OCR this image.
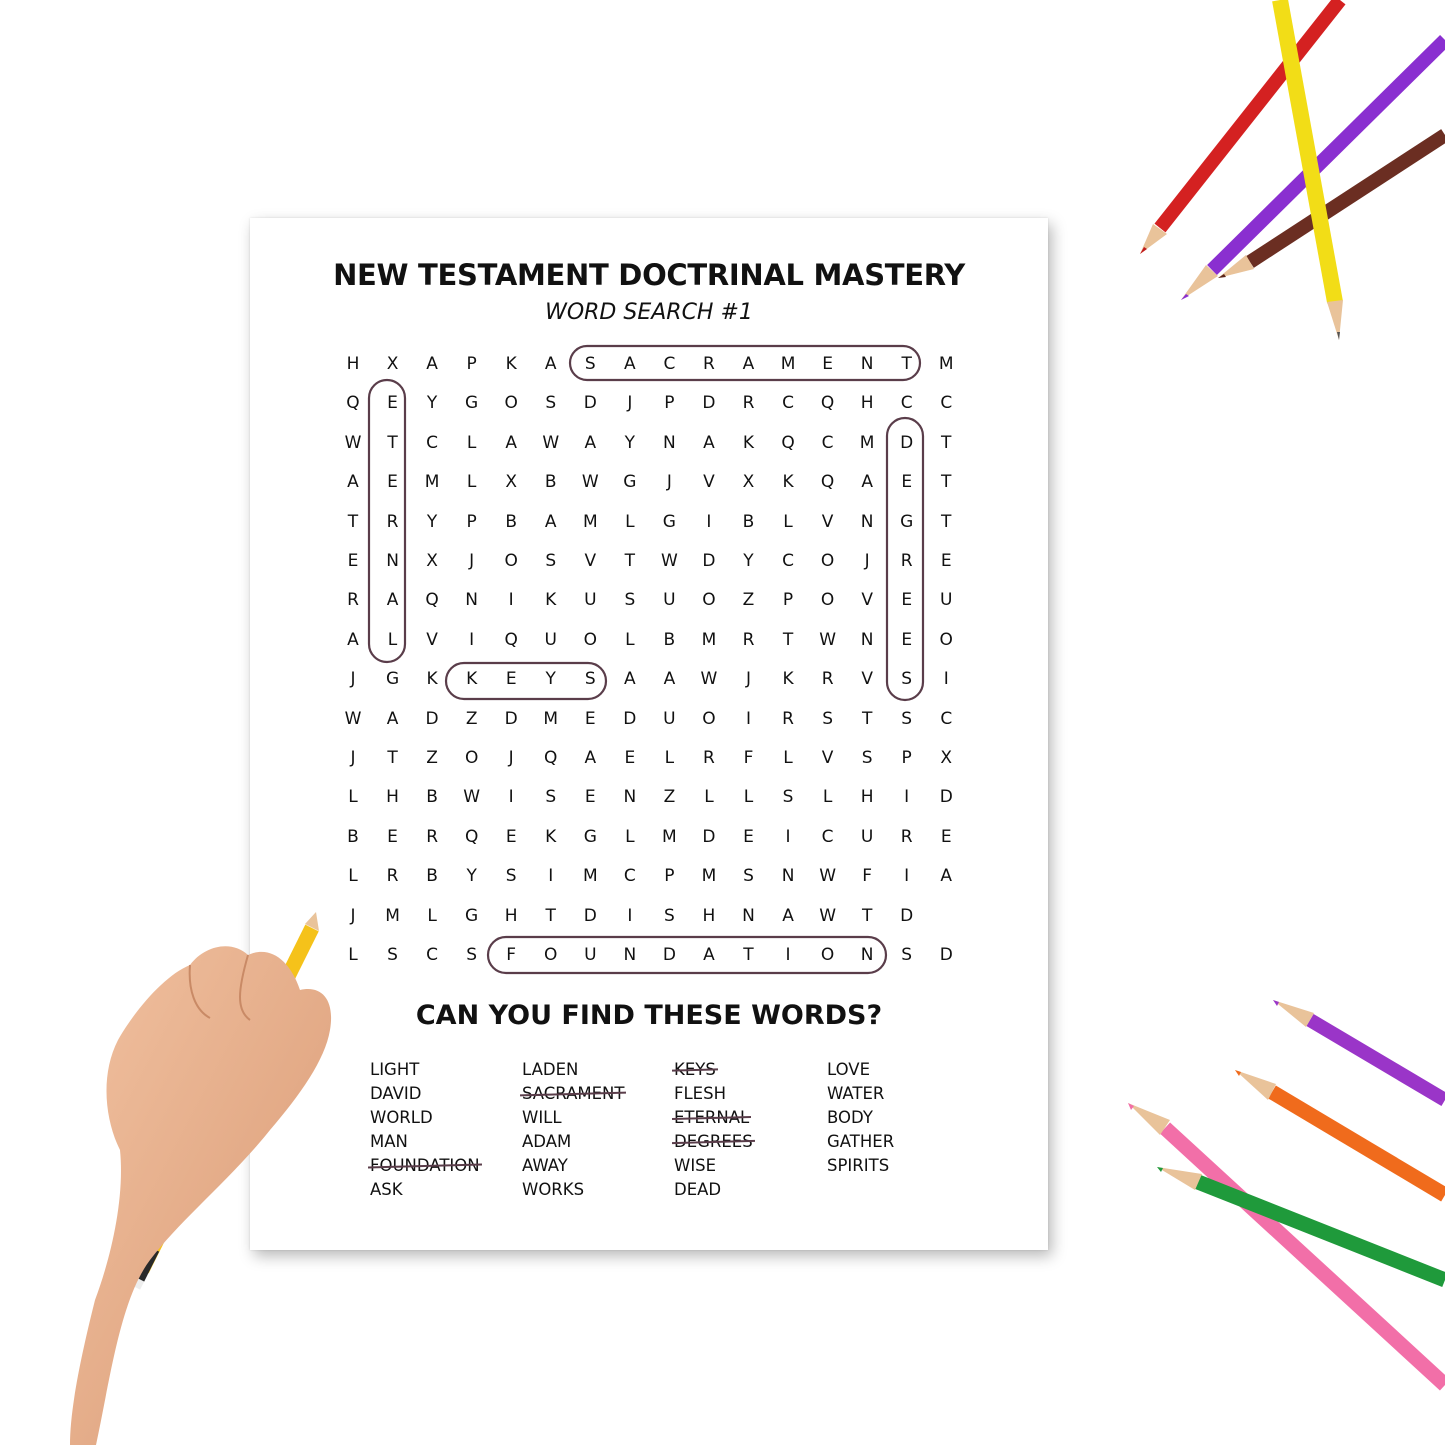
NEW TESTAMENT DOCTRINAL MASTERY
WORD SEARCH #1
H	X	A	P	K	A	S	A	C	R	A	M	E	N	T	M
Q	E	Y	G	O	S	D	J	P	D	R	C	Q	H	C	C
W	T	C	L	A	W	A	Y	N	A	K	Q	C	M	D	T
A	E	M	L	X	B	W	G	J	V	X	K	Q	A	E	T
T	R	Y	P	B	A	M	L	G	I	B	L	V	N	G	T
E	N	X	J	O	S	V	T	W	D	Y	C	O	J	R	E
R	A	Q	N	I	K	U	S	U	O	Z	P	O	V	E	U
A	L	V	I	Q	U	O	L	B	M	R	T	W	N	E	O
J	G	K	K	E	Y	S	A	A	W	J	K	R	V	S	I
W	A	D	Z	D	M	E	D	U	O	I	R	S	T	S	C
J	T	Z	O	J	Q	A	E	L	R	F	L	V	S	P	X
L	H	B	W	I	S	E	N	Z	L	L	S	L	H	I	D
B	E	R	Q	E	K	G	L	M	D	E	I	C	U	R	E
L	R	B	Y	S	I	M	C	P	M	S	N	W	F	I	A
J	M	L	G	H	T	D	I	S	H	N	A	W	T	D
L	S	C	S	F	O	U	N	D	A	T	I	O	N	S	D
CAN YOU FIND THESE WORDS?
LIGHT
DAVID
WORLD
MAN
FOUNDATION
ASK
LADEN
SACRAMENT
WILL
ADAM
AWAY
WORKS
KEYS
FLESH
ETERNAL
DEGREES
WISE
DEAD
LOVE
WATER
BODY
GATHER
SPIRITS
